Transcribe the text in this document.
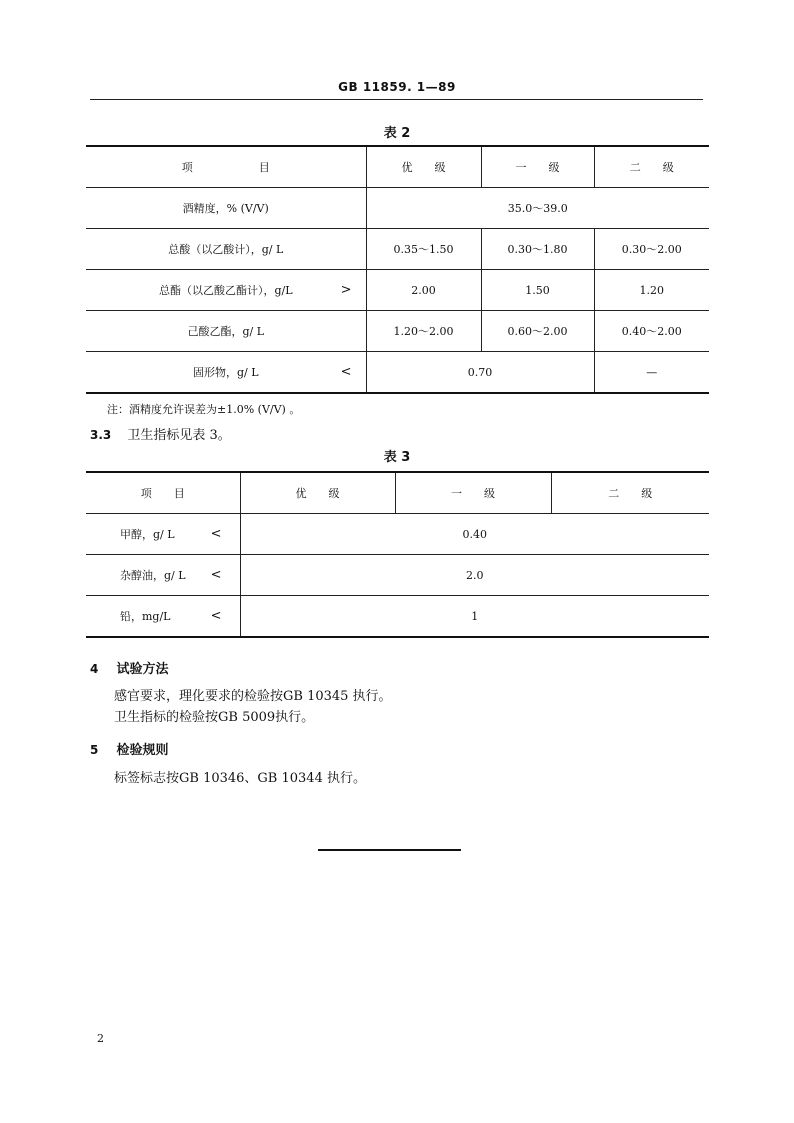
GB 11859. 1—89
表 2
项　　　　　　目	优　　级	一　　级	二　　级
酒精度，% (V/V)	35.0～39.0		
总酸（以乙酸计），g/ L	0.35～1.50	0.30～1.80	0.30～2.00
总酯（以乙酸乙酯计），g/L >	2.00	1.50	1.20
己酸乙酯，g/ L	1.20～2.00	0.60～2.00	0.40～2.00
固形物，g/ L <	0.70		—
注：酒精度允许误差为±1.0% (V/V) 。
3.3 卫生指标见表 3。
表 3
项　　目	优　　级	一　　级	二　　级
甲醇，g/ L <	0.40		
杂醇油，g/ L <	2.0		
铅，mg/L <	1		
4 试验方法
感官要求，理化要求的检验按GB 10345 执行。
卫生指标的检验按GB 5009执行。
5 检验规则
标签标志按GB 10346、GB 10344 执行。
2
